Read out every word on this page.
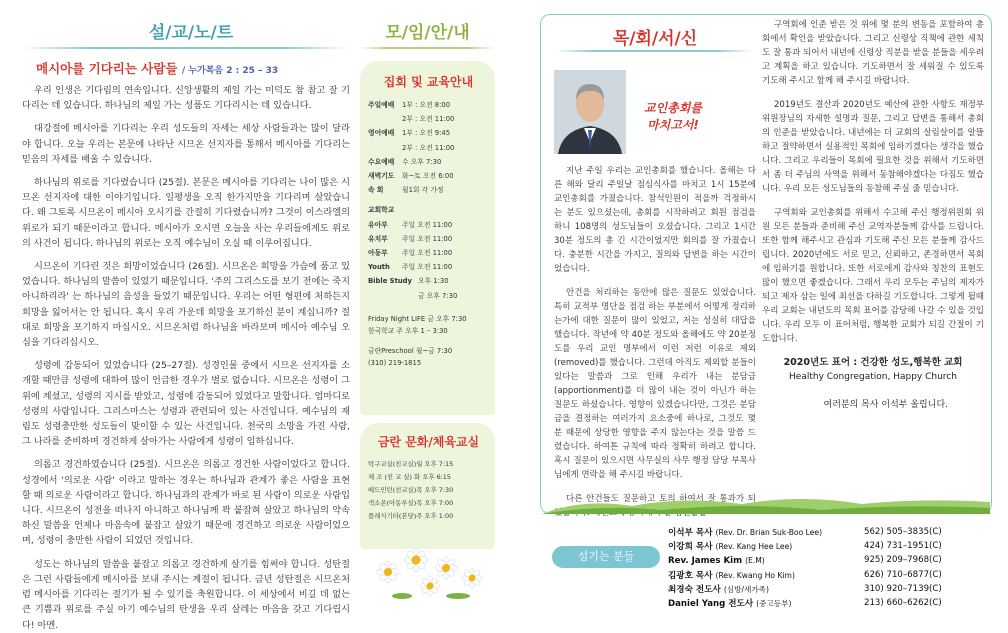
설/교/노/트
메시아를 기다리는 사람들 / 누가복음 2 : 25 – 33

우리 인생은 기다림의 연속입니다. 신앙생활의 제일 가는 미덕도 참 참고 잘 기다리는 데 있습니다. 하나님의 제일 가는 성품도 기다리시는 데 있습니다.

대강절에 메시아를 기다리는 우리 성도들의 자세는 세상 사람들과는 많이 달라야 합니다. 오늘 우리는 본문에 나타난 시므온 선지자를 통해서 메시아를 기다리는 믿음의 자세를 배울 수 있습니다.

하나님의 위로를 기다렸습니다 (25절). 본문은 메시아를 기다리는 나이 많은 시므온 선지자에 대한 이야기입니다. 일평생을 오직 한가지만을 기다리며 살았습니다. 왜 그토록 시므온이 메시아 오시기를 간절히 기다렸습니까? 그것이 이스라엘의 위로가 되기 때문이라고 합니다. 메시아가 오시면 오늘을 사는 우리들에게도 위로의 사건이 됩니다. 하나님의 위로는 오직 예수님이 오실 때 이루어집니다.

시므온이 기다린 것은 희망이었습니다 (26절). 시므온은 희망을 가슴에 품고 있었습니다. 하나님의 말씀이 있었기 때문입니다. '주의 그리스도를 보기 전에는 죽지 아니하리라' 는 하나님의 음성을 들었기 때문입니다. 우리는 어떤 형편에 처하든지 희망을 잃어서는 안 됩니다. 혹시 우리 가운데 희망을 포기하신 분이 계십니까? 절대로 희망을 포기하지 마십시오. 시므온처럼 하나님을 바라보며 메시아 예수님 오심을 기다리십시오.

성령에 감동되어 있었습니다 (25–27절). 성경인물 중에서 시므온 선지자를 소개할 때만큼 성령에 대하여 많이 언급한 경우가 별로 없습니다. 시므온은 성령이 그 위에 계셨고, 성령의 지시를 받았고, 성령에 감동되어 있었다고 말합니다. 엄마디로 성령의 사람입니다. 그리스마스는 성령과 관련되어 있는 사건입니다. 예수님의 재림도 성령충만한 성도들이 맞이할 수 있는 사건입니다. 천국의 소망을 가진 사람, 그 나라를 준비하며 경건하게 살아가는 사람에게 성령이 임하십니다.

의롭고 경건하였습니다 (25절). 시므온은 의롭고 경건한 사람이었다고 합니다. 성경에서 '의로운 사람' 이라고 말하는 경우는 하나님과 관계가 좋은 사람을 표현 할 때 의로운 사람이라고 합니다. 하나님과의 관계가 바로 된 사람이 의로운 사람입니다. 시므온이 성전을 떠나지 아니하고 하나님께 꽉 붙잡혀 살았고 하나님의 약속하신 말씀을 언제나 마음속에 붙잡고 살았기 때문에 경건하고 의로운 사람이었으며, 성령이 충만한 사람이 되었던 것입니다.

성도는 하나님의 말씀을 붙잡고 의롭고 경건하게 살기를 힘써야 합니다. 성탄절은 그런 사람들에게 메시아를 보내 주시는 계절이 됩니다. 금년 성탄절은 시므온처럼 메시아를 기다리는 절기가 될 수 있기를 축원합니다. 이 세상에서 비길 데 없는 큰 기쁨과 위로를 주실 아기 예수님의 탄생을 우리 살레는 마음을 갖고 기다립시다! 아멘.

모/임/안/내
집회 및 교육안내
주일예배	1부 : 오전 8:00
2부 : 오전 11:00
영어예배	1부 : 오전 9:45
2부 : 오전 11:00
수요예배	수 오후 7:30
새벽기도	화~토 오전 6:00
속 회	월1회 각 가정
교회학교
유아부	주일 오전 11:00
유치부	주일 오전 11:00
아동부	주일 오전 11:00
Youth	주일 오전 11:00
Bible Study 오후 1:30
금 오후 7:30
Friday Night LIFE 금 오후 7:30
한국학교 주 오후 1 – 3:30
금란Preschool 월~금 7:30
(310) 219-1815
금란 문화/체육교실
탁구교실(친교실)월 오후 7:15
체 조 (친 교 실) 화 오후 6:15
배드민턴(친교실)목 오후 7:30
색소폰(아동부실)목 오후 7:00
플래식기타(본당)주 오후 1:00
목/회/서/신
교인총회를
마치고서!

지난 주일 우리는 교인총회를 했습니다. 올해는 다른 해와 달리 주일날 점심식사를 마치고 1시 15분에 교인총회를 가졌습니다. 참석인원이 적을까 걱정하시는 분도 있으셨는데, 총회를 시작하려고 회원 점검을 하니 108명의 성도님들이 오셨습니다. 그리고 1시간 30분 정도의 총 긴 시간이었지만 회의를 잘 가졌습니다. 충분한 시간을 가지고, 질의와 답변을 하는 시간이었습니다.

안건을 처리하는 동안에 많은 질문도 있었습니다. 특히 교적부 명단을 점검 하는 부분에서 어떻게 정리하는가에 대한 질문이 많이 있었고, 저는 성실히 대답을 했습니다. 작년에 약 40분 정도와 올해에도 약 20분정도를 우리 교인 명부에서 이런 저런 이유로 제외(removed)를 했습니다. 그런데 아직도 제외할 분들이 있다는 말씀과 그로 인해 우리가 내는 분담금 (apportionment)를 더 많이 내는 것이 아닌가 하는 질문도 하셨습니다. 영향이 있겠습니다만, 그것은 분담금을 결정하는 여러가지 요소중에 하나로, 그것도 몇 분 때문에 상당한 영향을 주지 않는다는 것을 말씀 드렸습니다. 하여튼 규칙에 따라 정확히 하려고 합니다. 혹시 질문이 있으시면 사무실의 사무 행정 담당 부목사님에게 연락을 해 주시길 바랍니다.

다른 안건들도 질문하고 토의 하여서 잘 통과가 되

구역회에 인준 받은 것 위에 몇 분의 변동을 포함하여 총회에서 확인을 받았습니다. 그리고 신령상 직책에 관한 세칙도 잘 통과 되어서 내년에 신령상 직분을 받을 분들을 세우려고 계획을 하고 있습니다. 기도하면서 잘 세워질 수 있도록 기도해 주시고 함께 해 주시길 바랍니다.

2019년도 결산과 2020년도 예산에 관한 사항도 재정부 위원장님의 자세한 설명과 질문, 그리고 답변을 통해서 총회의 인준을 받았습니다. 내년에는 더 교회의 살림살이를 알뜰하고 절약하면서 실용적인 목회에 임하기겠다는 생각을 했습니다. 그리고 우리들이 목회에 필요한 것을 위해서 기도하면서 좀 더 주님의 사역을 위해서 동참해야겠다는 다짐도 했습니다. 우리 모든 성도님들의 동참해 주실 줄 믿습니다.

구역회와 교인총회를 위해서 수고해 주신 행정위원회 위원 모든 분들과 준비해 주신 교역자분들께 감사를 드립니다. 또한 함께 해주시고 관심과 기도해 주신 모든 분들께 감사드립니다. 2020년에도 서로 믿고, 신뢰하고, 존경하면서 목회에 임하기를 원합니다. 또한 서로에게 감사와 칭찬의 표현도 많이 했으면 좋겠습니다. 그래서 우리 모두는 주님의 제자가 되고 제자 삼는 일에 최선을 다하길 기도합니다. 그렇게 될때 우리 교회는 내년도의 목회 표어를 감당해 나갈 수 있을 것입니다. 우리 모두 이 표어처럼, 행복한 교회가 되길 간절이 기도합니다.

2020년도 표어 : 건강한 성도,행복한 교회
Healthy Congregation, Happy Church
여러분의 목사 이석부 올립니다.
섬기는 분들
이석부 목사 (Rev. Dr. Brian Suk-Boo Lee)	562) 505–3835(C)
이강희 목사 (Rev. Kang Hee Lee)	424) 731–1951(C)
Rev. James Kim (E.M)	925) 209–7968(C)
김광호 목사 (Rev. Kwang Ho Kim)	626) 710–6877(C)
최경숙 전도사 (심방/새가족)	310) 920–7139(C)
Daniel Yang 전도사 (중고등부)	213) 660–6262(C)
